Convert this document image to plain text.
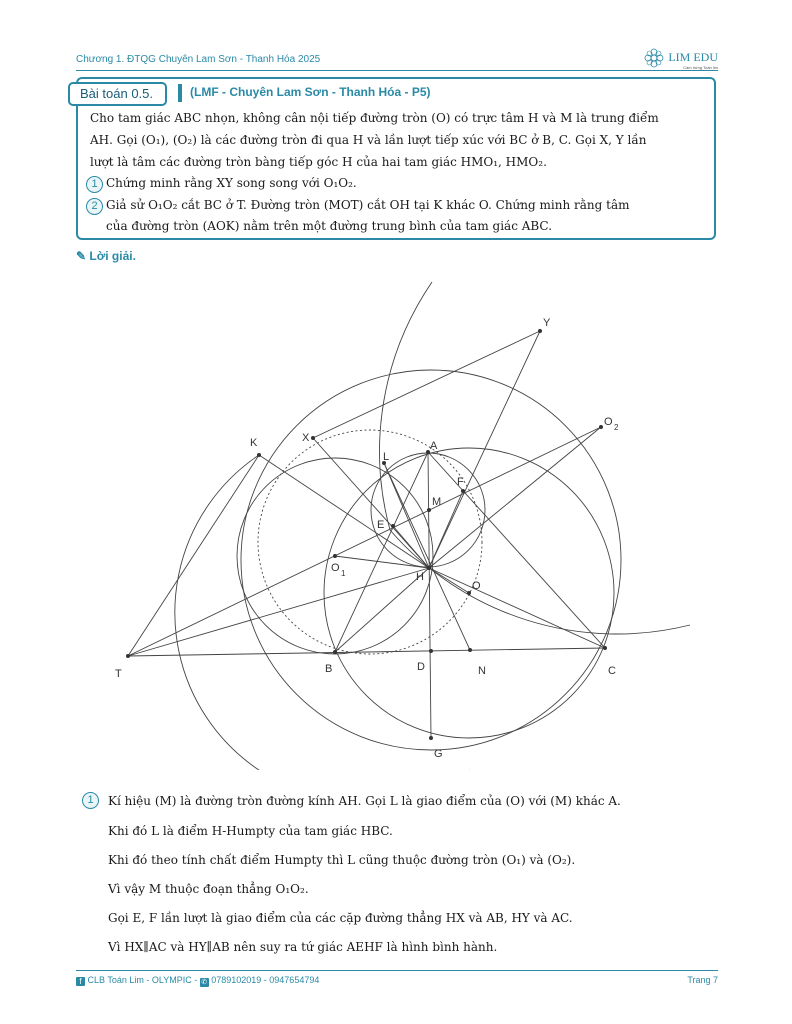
Chương 1. ĐTQG Chuyên Lam Sơn - Thanh Hóa 2025	LIM EDU
Cảm hứng Toán lim
Bài toán 0.5.	(LMF - Chuyên Lam Sơn - Thanh Hóa - P5)
Cho tam giác ABC nhọn, không cân nội tiếp đường tròn (O) có trực tâm H và M là trung điểm
AH. Gọi (O₁), (O₂) là các đường tròn đi qua H và lần lượt tiếp xúc với BC ở B, C. Gọi X, Y lần
lượt là tâm các đường tròn bàng tiếp góc H của hai tam giác HMO₁, HMO₂.
1 Chứng minh rằng XY song song với O₁O₂.
2 Giả sử O₁O₂ cắt BC ở T. Đường tròn (MOT) cắt OH tại K khác O. Chứng minh rằng tâm
của đường tròn (AOK) nằm trên một đường trung bình của tam giác ABC.
✎ Lời giải.
Y
O 2
K	X
A
L
F
M
E
O 1	H
O
T	B	D	N	C
G
1	Kí hiệu (M) là đường tròn đường kính AH. Gọi L là giao điểm của (O) với (M) khác A.
Khi đó L là điểm H-Humpty của tam giác HBC.
Khi đó theo tính chất điểm Humpty thì L cũng thuộc đường tròn (O₁) và (O₂).
Vì vậy M thuộc đoạn thẳng O₁O₂.
Gọi E, F lần lượt là giao điểm của các cặp đường thẳng HX và AB, HY và AC.
Vì HX∥AC và HY∥AB nên suy ra tứ giác AEHF là hình bình hành.
f CLB Toán Lim - OLYMPIC - ✆ 0789102019 - 0947654794	Trang 7
